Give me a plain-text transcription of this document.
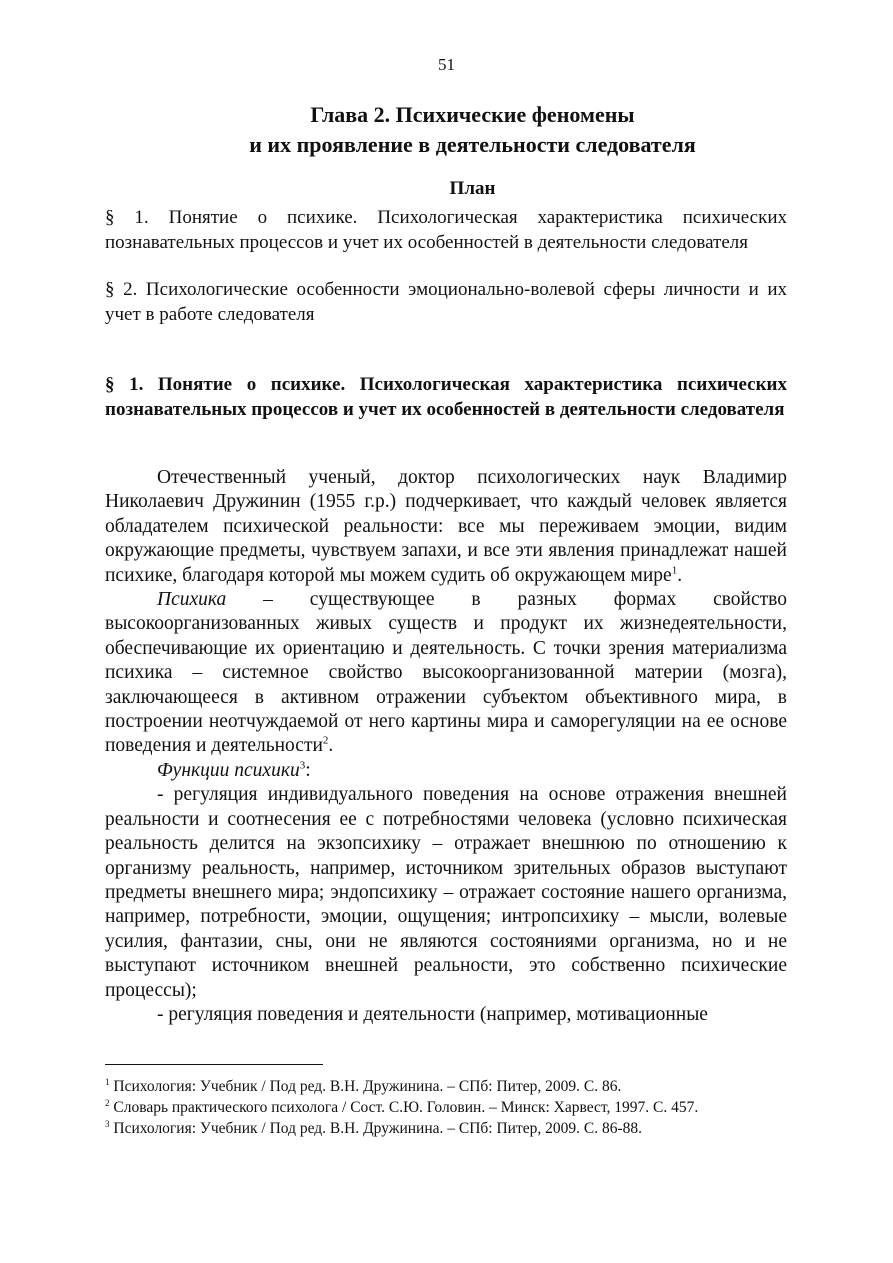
51
Глава 2. Психические феномены
и их проявление в деятельности следователя
План

§ 1. Понятие о психике. Психологическая характеристика психических познавательных процессов и учет их особенностей в деятельности следователя

§ 2. Психологические особенности эмоционально-волевой сферы личности и их учет в работе следователя

§ 1. Понятие о психике. Психологическая характеристика психических познавательных процессов и учет их особенностей в деятельности следователя

Отечественный ученый, доктор психологических наук Владимир Николаевич Дружинин (1955 г.р.) подчеркивает, что каждый человек является обладателем психической реальности: все мы переживаем эмоции, видим окружающие предметы, чувствуем запахи, и все эти явления принадлежат нашей психике, благодаря которой мы можем судить об окружающем мире$^1$.

Психика – существующее в разных формах свойство высокоорганизованных живых существ и продукт их жизнедеятельности, обеспечивающие их ориентацию и деятельность. С точки зрения материализма психика – системное свойство высокоорганизованной материи (мозга), заключающееся в активном отражении субъектом объективного мира, в построении неотчуждаемой от него картины мира и саморегуляции на ее основе поведения и деятельности$^2$.

Функции психики$^3$:

- регуляция индивидуального поведения на основе отражения внешней реальности и соотнесения ее с потребностями человека (условно психическая реальность делится на экзопсихику – отражает внешнюю по отношению к организму реальность, например, источником зрительных образов выступают предметы внешнего мира; эндопсихику – отражает состояние нашего организма, например, потребности, эмоции, ощущения; интропсихику – мысли, волевые усилия, фантазии, сны, они не являются состояниями организма, но и не выступают источником внешней реальности, это собственно психические процессы);

- регуляция поведения и деятельности (например, мотивационные

$^1$ Психология: Учебник / Под ред. В.Н. Дружинина. – СПб: Питер, 2009. С. 86.

$^2$ Словарь практического психолога / Сост. С.Ю. Головин. – Минск: Харвест, 1997. С. 457.

$^3$ Психология: Учебник / Под ред. В.Н. Дружинина. – СПб: Питер, 2009. С. 86-88.
